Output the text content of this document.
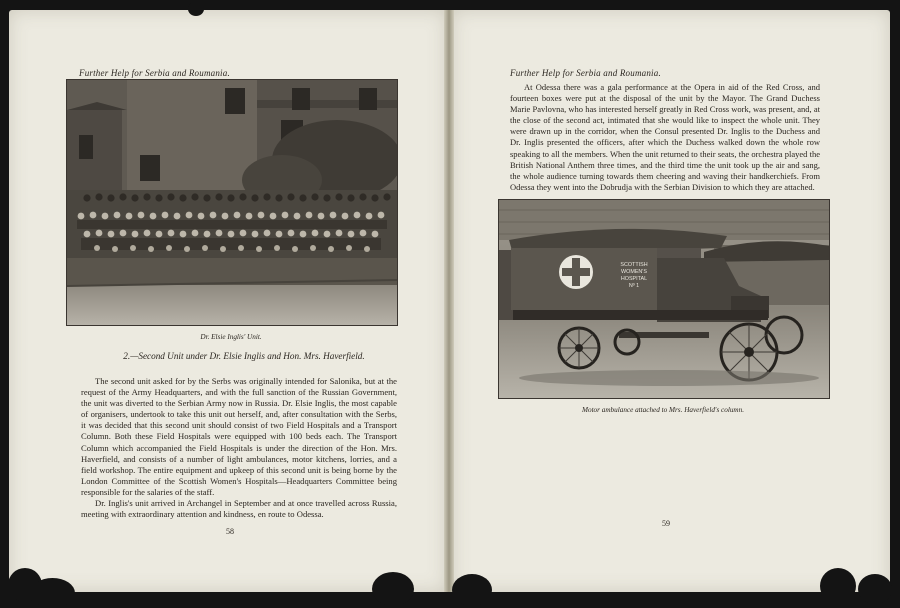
Further Help for Serbia and Roumania.
Dr. Elsie Inglis' Unit.
2.—Second Unit under Dr. Elsie Inglis and Hon. Mrs. Haverfield.

The second unit asked for by the Serbs was originally intended for Salonika, but at the request of the Army Headquarters, and with the full sanction of the Russian Government, the unit was diverted to the Serbian Army now in Russia. Dr. Elsie Inglis, the most capable of organisers, undertook to take this unit out herself, and, after consultation with the Serbs, it was decided that this second unit should consist of two Field Hospitals and a Transport Column. Both these Field Hospitals were equipped with 100 beds each. The Transport Column which accompanied the Field Hospitals is under the direction of the Hon. Mrs. Haverfield, and consists of a number of light ambulances, motor kitchens, lorries, and a field workshop. The entire equipment and upkeep of this second unit is being borne by the London Committee of the Scottish Women's Hospitals—Headquarters Committee being responsible for the salaries of the staff.

Dr. Inglis's unit arrived in Archangel in September and at once travelled across Russia, meeting with extraordinary attention and kindness, en route to Odessa.

58
Further Help for Serbia and Roumania.

At Odessa there was a gala performance at the Opera in aid of the Red Cross, and fourteen boxes were put at the disposal of the unit by the Mayor. The Grand Duchess Marie Pavlovna, who has interested herself greatly in Red Cross work, was present, and, at the close of the second act, intimated that she would like to inspect the whole unit. They were drawn up in the corridor, when the Consul presented Dr. Inglis to the Duchess and Dr. Inglis presented the officers, after which the Duchess walked down the whole row speaking to all the members. When the unit returned to their seats, the orchestra played the British National Anthem three times, and the third time the unit took up the air and sang, the whole audience turning towards them cheering and waving their handkerchiefs. From Odessa they went into the Dobrudja with the Serbian Division to which they are attached.

SCOTTISH
WOMEN'S
HOSPITAL
Nº 1
Motor ambulance attached to Mrs. Haverfield's column.
59
